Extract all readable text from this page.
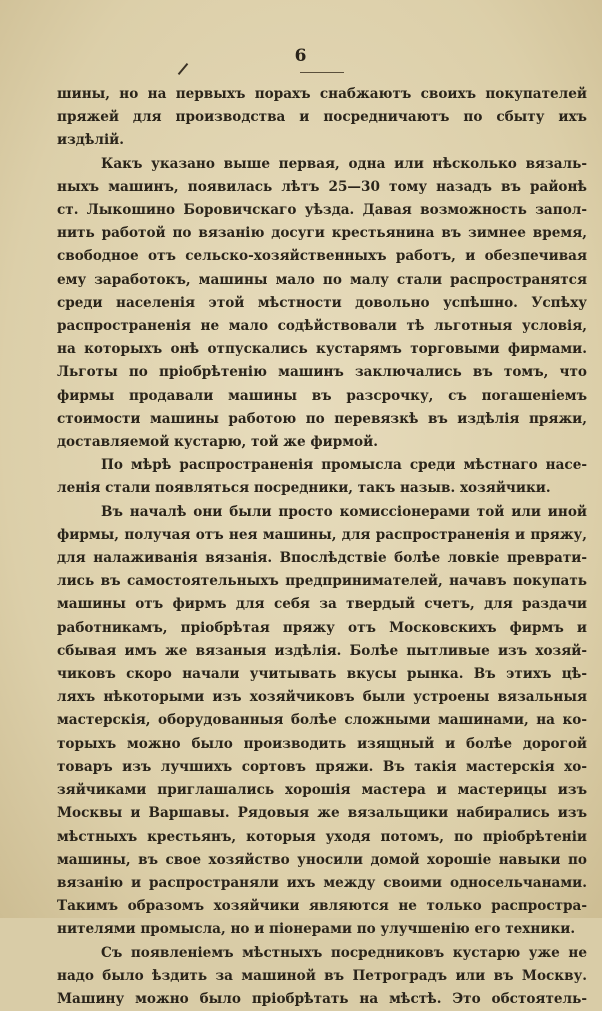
6

шины, но на первыхъ порахъ снабжаютъ своихъ покупателей

пряжей для производства и посредничаютъ по сбыту ихъ

издѣлій.

Какъ указано выше первая, одна или нѣсколько вязаль-

ныхъ машинъ, появилась лѣтъ 25—30 тому назадъ въ районѣ

ст. Лыкошино Боровичскаго уѣзда. Давая возможность запол-

нить работой по вязанію досуги крестьянина въ зимнее время,

свободное отъ сельско-хозяйственныхъ работъ, и обезпечивая

ему заработокъ, машины мало по малу стали распространятся

среди населенія этой мѣстности довольно успѣшно. Успѣху

распространенія не мало содѣйствовали тѣ льготныя условія,

на которыхъ онѣ отпускались кустарямъ торговыми фирмами.

Льготы по пріобрѣтенію машинъ заключались въ томъ, что

фирмы продавали машины въ разсрочку, съ погашеніемъ

стоимости машины работою по перевязкѣ въ издѣлія пряжи,

доставляемой кустарю, той же фирмой.

По мѣрѣ распространенія промысла среди мѣстнаго насе-

ленія стали появляться посредники, такъ назыв. хозяйчики.

Въ началѣ они были просто комиссіонерами той или иной

фирмы, получая отъ нея машины, для распространенія и пряжу,

для налаживанія вязанія. Впослѣдствіе болѣе ловкіе преврати-

лись въ самостоятельныхъ предпринимателей, начавъ покупать

машины отъ фирмъ для себя за твердый счетъ, для раздачи

работникамъ, пріобрѣтая пряжу отъ Московскихъ фирмъ и

сбывая имъ же вязаныя издѣлія. Болѣе пытливые изъ хозяй-

чиковъ скоро начали учитывать вкусы рынка. Въ этихъ цѣ-

ляхъ нѣкоторыми изъ хозяйчиковъ были устроены вязальныя

мастерскія, оборудованныя болѣе сложными машинами, на ко-

торыхъ можно было производить изящный и болѣе дорогой

товаръ изъ лучшихъ сортовъ пряжи. Въ такія мастерскія хо-

зяйчиками приглашались хорошія мастера и мастерицы изъ

Москвы и Варшавы. Рядовыя же вязальщики набирались изъ

мѣстныхъ крестьянъ, которыя уходя потомъ, по пріобрѣтеніи

машины, въ свое хозяйство уносили домой хорошіе навыки по

вязанію и распространяли ихъ между своими односельчанами.

Такимъ образомъ хозяйчики являются не только распростра-

нителями промысла, но и піонерами по улучшенію его техники.

Съ появленіемъ мѣстныхъ посредниковъ кустарю уже не

надо было ѣздить за машиной въ Петроградъ или въ Москву.

Машину можно было пріобрѣтать на мѣстѣ. Это обстоятель-
